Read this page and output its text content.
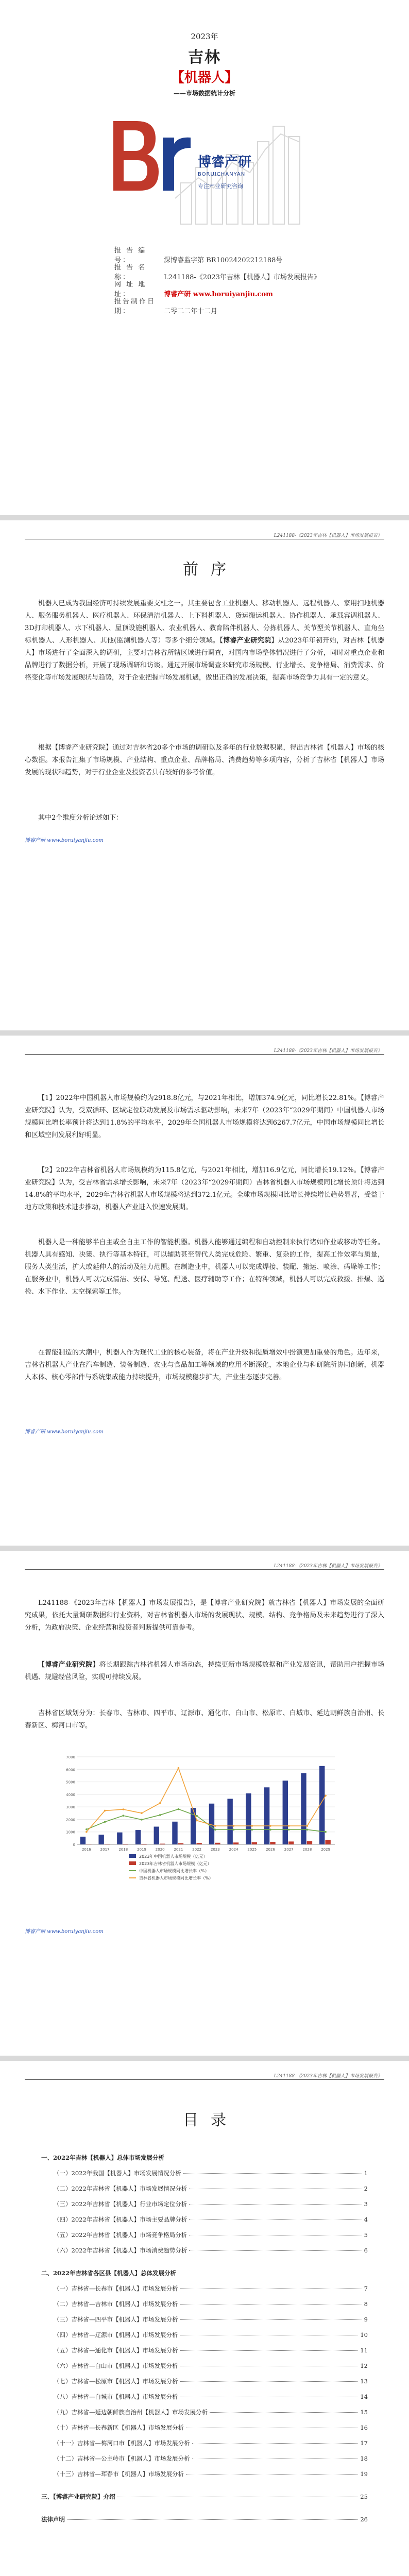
2023年
吉林
【机器人】
——市场数据统计分析
博睿产研
BORUICHANYAN
专注产业研究咨询
报 告 编 号：	深博睿监字第 BR10024202212188号
报 告 名 称：	L241188-《2023年吉林【机器人】市场发展报告》
网 址 地 址：	博睿产研 www.boruiyanjiu.com
报告制作日期：	二零二二年十二月
L241188-《2023年吉林【机器人】市场发展报告》
前序

机器人已成为我国经济可持续发展重要支柱之一。其主要包含工业机器人、移动机器人、远程机器人、家用扫地机器人、服务服务机器人、医疗机器人、环保清洁机器人、上下料机器人、货运搬运机器人、协作机器人、承载容调机器人、3D打印机器人、水下机器人、屋顶设施机器人、农业机器人、教育陪伴机器人、分拣机器人、关节型关节机器人、直角坐标机器人、人形机器人、其他(监测机器人等）等多个细分领域。【博睿产业研究院】从2023年年初开始，对吉林【机器人】市场进行了全面深入的调研，主要对吉林省所辖区域进行调查，对国内市场整体情况进行了分析，同时对重点企业和品牌进行了数据分析，开展了现场调研和访谈。通过开展市场调查来研究市场规模、行业增长、竞争格局、消费需求、价格变化等市场发展现状与趋势，对于企业把握市场发展机遇，做出正确的发展决策，提高市场竞争力具有一定的意义。

根据【博睿产业研究院】通过对吉林省20多个市场的调研以及多年的行业数据积累，得出吉林省【机器人】市场的核心数据。本报告汇集了市场规模、产业结构、重点企业、品牌格局、消费趋势等多项内容，分析了吉林省【机器人】市场发展的现状和趋势，对于行业企业及投资者具有较好的参考价值。

其中2个维度分析论述如下：

博睿产研 www.boruiyanjiu.com
L241188-《2023年吉林【机器人】市场发展报告》

【1】2022年中国机器人市场规模约为2918.8亿元，与2021年相比，增加374.9亿元，同比增长22.81%。【博睿产业研究院】认为，受双循环、区域定位联动发展及市场需求驱动影响，未来7年（2023年“2029年期间）中国机器人市场规模同比增长率预计将达到11.8%的平均水平，2029年全国机器人市场规模将达到6267.7亿元，中国市场规模同比增长和区域空间发展利好明显。

【2】2022年吉林省机器人市场规模约为115.8亿元，与2021年相比，增加16.9亿元，同比增长19.12%。【博睿产业研究院】认为，受吉林省需求增长影响，未来7年（2023年“2029年期间）吉林省机器人市场规模同比增长预计将达到14.8%的平均水平，2029年吉林省机器人市场规模将达到372.1亿元。全球市场规模同比增长持续增长趋势显著，受益于地方政策和技术进步推动，机器人产业进入快速发展期。

机器人是一种能够半自主或全自主工作的智能机器。机器人能够通过编程和自动控制来执行诸如作业或移动等任务。机器人具有感知、决策、执行等基本特征，可以辅助甚至替代人类完成危险、繁重、复杂的工作，提高工作效率与质量，服务人类生活，扩大或延伸人的活动及能力范围。在制造业中，机器人可以完成焊接、装配、搬运、喷涂、码垛等工作；在服务业中，机器人可以完成清洁、安保、导览、配送、医疗辅助等工作；在特种领域，机器人可以完成救援、排爆、巡检、水下作业、太空探索等工作。

在智能制造的大潮中，机器人作为现代工业的核心装备，将在产业升级和提质增效中扮演更加重要的角色。近年来，吉林省机器人产业在汽车制造、装备制造、农业与食品加工等领域的应用不断深化，本地企业与科研院所协同创新，机器人本体、核心零部件与系统集成能力持续提升，市场规模稳步扩大，产业生态逐步完善。

博睿产研 www.boruiyanjiu.com
L241188-《2023年吉林【机器人】市场发展报告》

L241188-《2023年吉林【机器人】市场发展报告》，是【博睿产业研究院】就吉林省【机器人】市场发展的全面研究成果，依托大量调研数据和行业资料，对吉林省机器人市场的发展现状、规模、结构、竞争格局及未来趋势进行了深入分析，为政府决策、企业经营和投资者判断提供可靠参考。

【博睿产业研究院】将长期跟踪吉林省机器人市场动态，持续更新市场规模数据和产业发展资讯，帮助用户把握市场机遇、规避经营风险，实现可持续发展。

吉林省区域划分为：长春市、吉林市、四平市、辽源市、通化市、白山市、松原市、白城市、延边朝鲜族自治州、长春新区、梅河口市等。

0
1000
2000
3000
4000
5000
6000
7000
2016	2017	2018	2019	2020	2021	2022	2023	2024	2025	2026	2027	2028	2029
2023年中国机器人市场规模（亿元）
2023年吉林省机器人市场规模（亿元）
中国机器人市场规模同比增长率（%）
吉林省机器人市场规模同比增长率（%）
博睿产研 www.boruiyanjiu.com
L241188-《2023年吉林【机器人】市场发展报告》
目录
一、2022年吉林【机器人】总体市场发展分析
（一）2022年我国【机器人】市场发展情况分析	1
（二）2022年吉林省【机器人】市场发展情况分析	2
（三）2022年吉林省【机器人】行业市场定位分析	3
（四）2022年吉林省【机器人】市场主要品牌分析	4
（五）2022年吉林省【机器人】市场竞争格局分析	5
（六）2022年吉林省【机器人】市场消费趋势分析	6
二、2022年吉林省各区县【机器人】总体发展分析
（一）吉林省—长春市【机器人】市场发展分析	7
（二）吉林省—吉林市【机器人】市场发展分析	8
（三）吉林省—四平市【机器人】市场发展分析	9
（四）吉林省—辽源市【机器人】市场发展分析	10
（五）吉林省—通化市【机器人】市场发展分析	11
（六）吉林省—白山市【机器人】市场发展分析	12
（七）吉林省—松原市【机器人】市场发展分析	13
（八）吉林省—白城市【机器人】市场发展分析	14
（九）吉林省—延边朝鲜族自治州【机器人】市场发展分析	15
（十）吉林省—长春新区【机器人】市场发展分析	16
（十一）吉林省—梅河口市【机器人】市场发展分析	17
（十二）吉林省—公主岭市【机器人】市场发展分析	18
（十三）吉林省—珲春市【机器人】市场发展分析	19
三、【博睿产业研究院】介绍	25
法律声明	26
